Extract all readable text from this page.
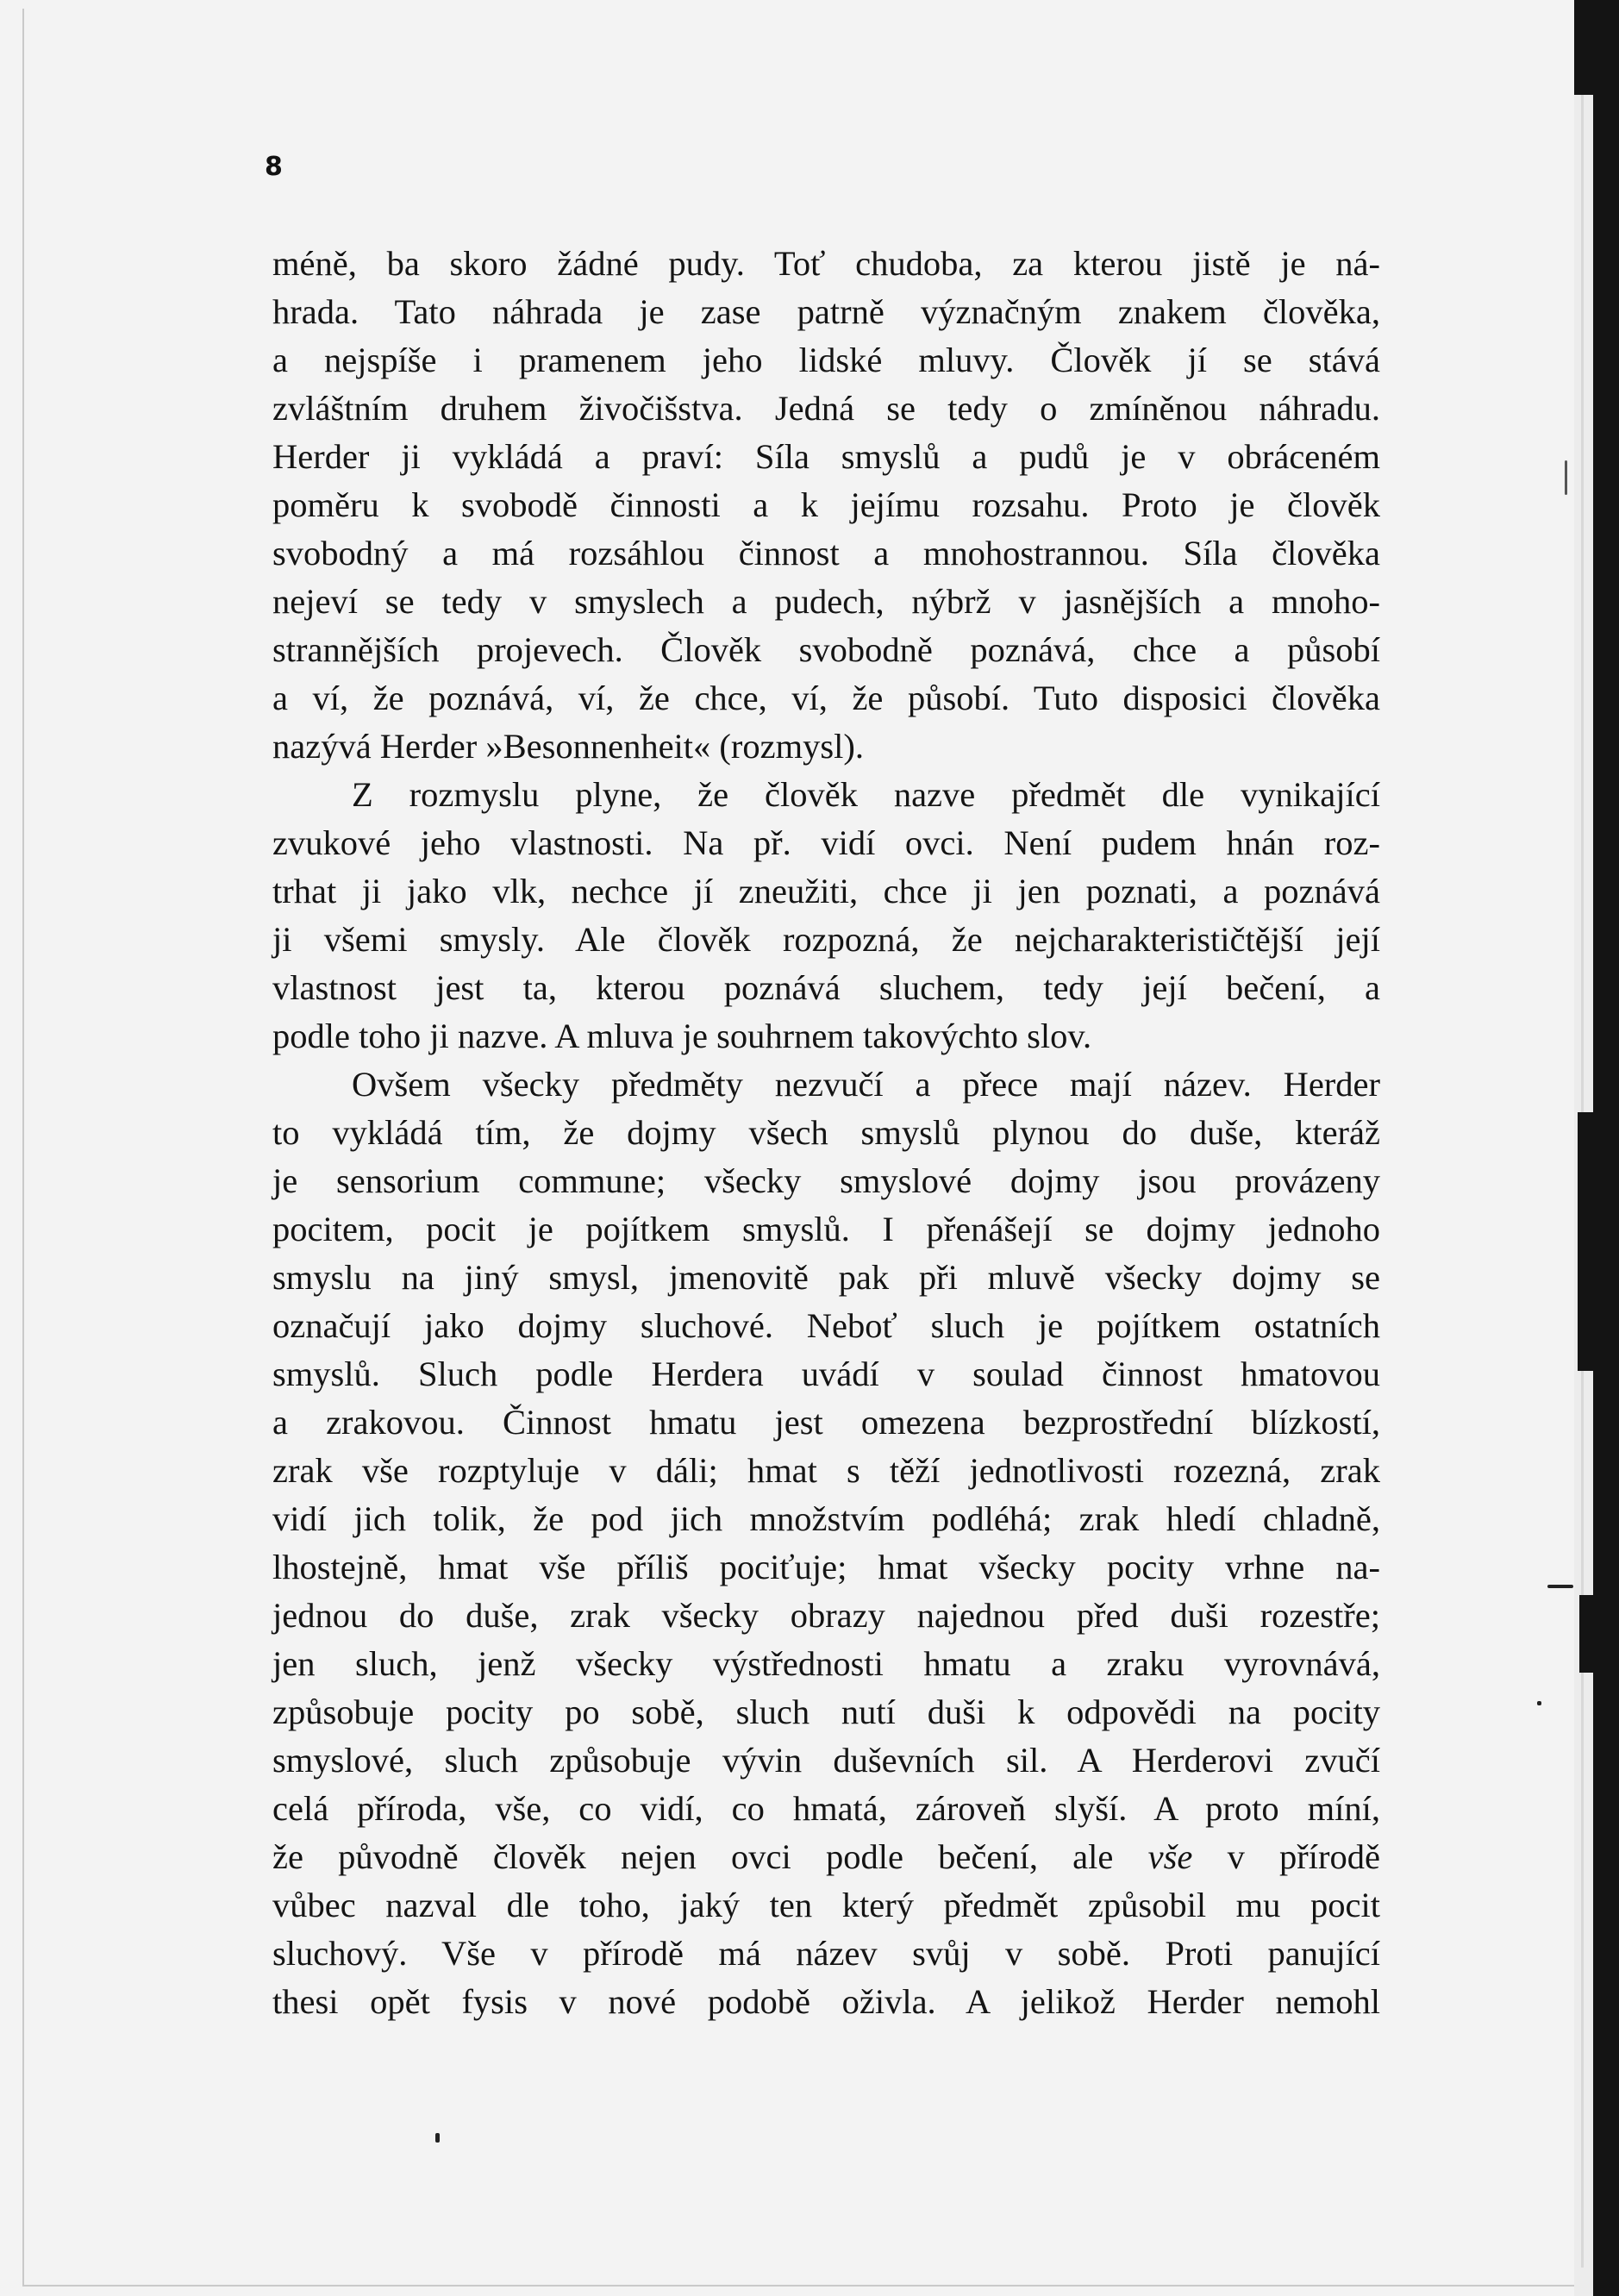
8
méně, ba skoro žádné pudy. Toť chudoba, za kterou jistě je ná-
hrada. Tato náhrada je zase patrně význačným znakem člověka,
a nejspíše i pramenem jeho lidské mluvy. Člověk jí se stává
zvláštním druhem živočišstva. Jedná se tedy o zmíněnou náhradu.
Herder ji vykládá a praví: Síla smyslů a pudů je v obráceném
poměru k svobodě činnosti a k jejímu rozsahu. Proto je člověk
svobodný a má rozsáhlou činnost a mnohostrannou. Síla člověka
nejeví se tedy v smyslech a pudech, nýbrž v jasnějších a mnoho-
strannějších projevech. Člověk svobodně poznává, chce a působí
a ví, že poznává, ví, že chce, ví, že působí. Tuto disposici člověka
nazývá Herder »Besonnenheit« (rozmysl).
Z rozmyslu plyne, že člověk nazve předmět dle vynikající
zvukové jeho vlastnosti. Na př. vidí ovci. Není pudem hnán roz-
trhat ji jako vlk, nechce jí zneužiti, chce ji jen poznati, a poznává
ji všemi smysly. Ale člověk rozpozná, že nejcharakterističtější její
vlastnost jest ta, kterou poznává sluchem, tedy její bečení, a
podle toho ji nazve. A mluva je souhrnem takovýchto slov.
Ovšem všecky předměty nezvučí a přece mají název. Herder
to vykládá tím, že dojmy všech smyslů plynou do duše, kteráž
je sensorium commune; všecky smyslové dojmy jsou provázeny
pocitem, pocit je pojítkem smyslů. I přenášejí se dojmy jednoho
smyslu na jiný smysl, jmenovitě pak při mluvě všecky dojmy se
označují jako dojmy sluchové. Neboť sluch je pojítkem ostatních
smyslů. Sluch podle Herdera uvádí v soulad činnost hmatovou
a zrakovou. Činnost hmatu jest omezena bezprostřední blízkostí,
zrak vše rozptyluje v dáli; hmat s těží jednotlivosti rozezná, zrak
vidí jich tolik, že pod jich množstvím podléhá; zrak hledí chladně,
lhostejně, hmat vše příliš pociťuje; hmat všecky pocity vrhne na-
jednou do duše, zrak všecky obrazy najednou před duši rozestře;
jen sluch, jenž všecky výstřednosti hmatu a zraku vyrovnává,
způsobuje pocity po sobě, sluch nutí duši k odpovědi na pocity
smyslové, sluch způsobuje vývin duševních sil. A Herderovi zvučí
celá příroda, vše, co vidí, co hmatá, zároveň slyší. A proto míní,
že původně člověk nejen ovci podle bečení, ale vše v přírodě
vůbec nazval dle toho, jaký ten který předmět způsobil mu pocit
sluchový. Vše v přírodě má název svůj v sobě. Proti panující
thesi opět fysis v nové podobě oživla. A jelikož Herder nemohl
